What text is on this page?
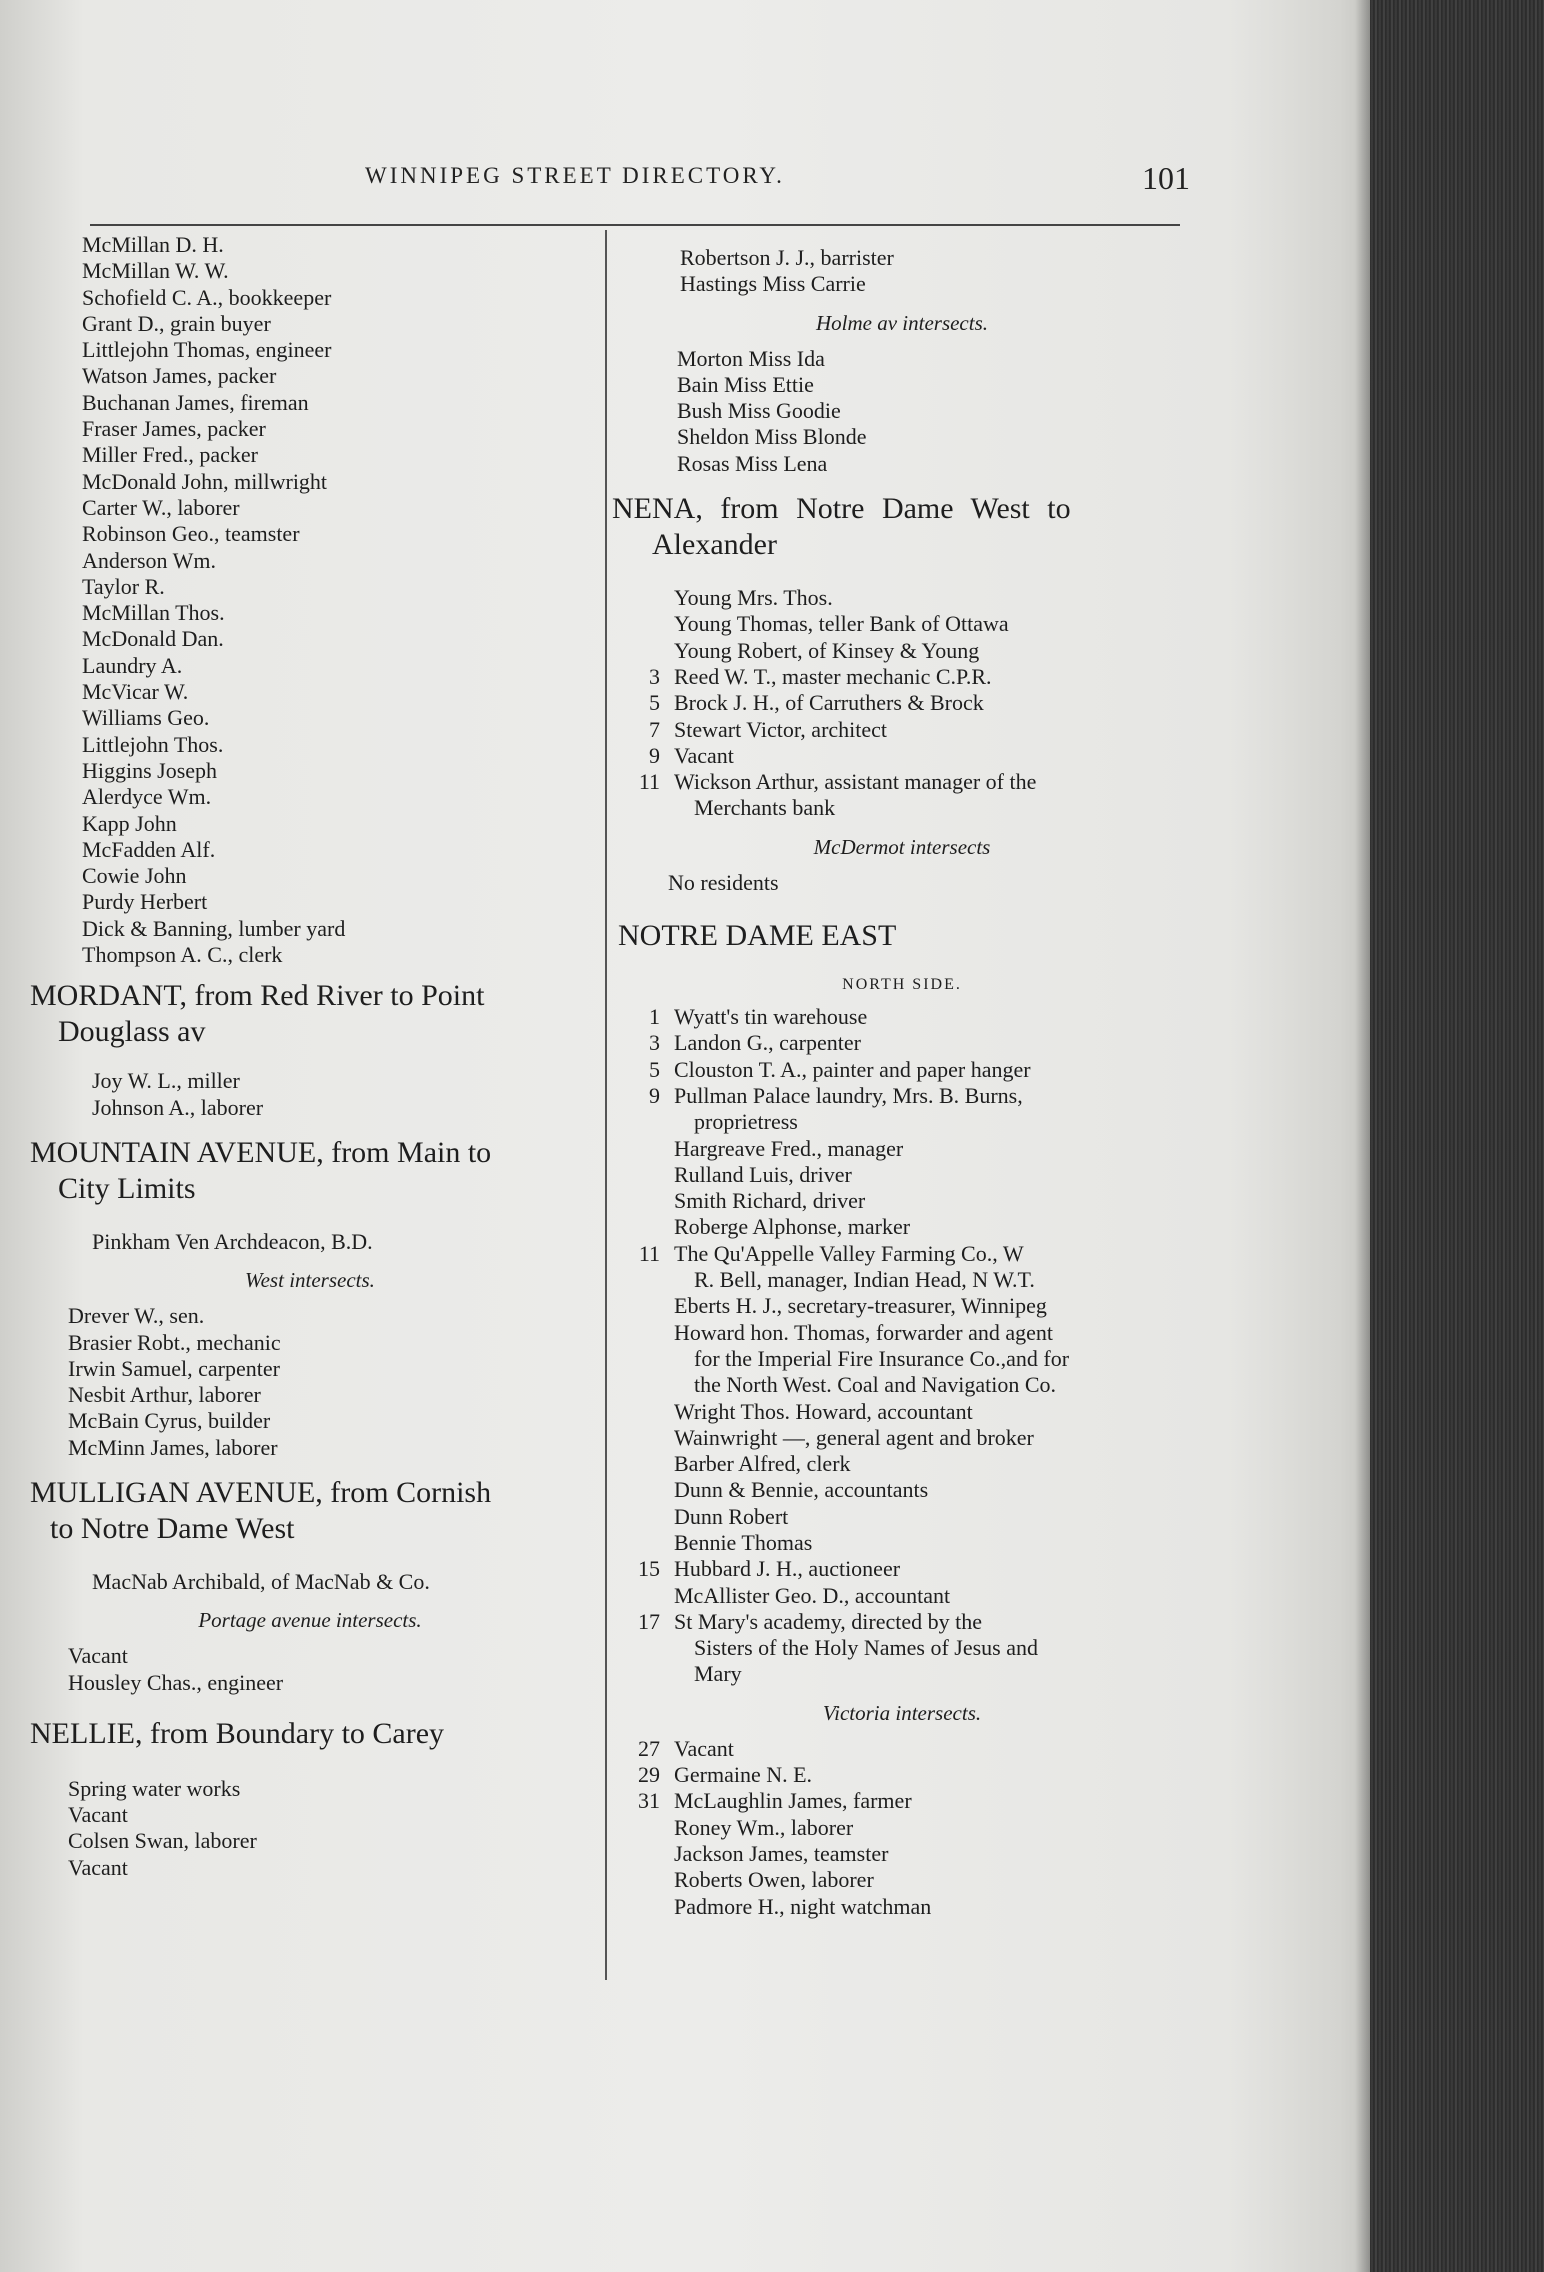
WINNIPEG STREET DIRECTORY.	101
McMillan D. H.
McMillan W. W.
Schofield C. A., bookkeeper
Grant D., grain buyer
Littlejohn Thomas, engineer
Watson James, packer
Buchanan James, fireman
Fraser James, packer
Miller Fred., packer
McDonald John, millwright
Carter W., laborer
Robinson Geo., teamster
Anderson Wm.
Taylor R.
McMillan Thos.
McDonald Dan.
Laundry A.
McVicar W.
Williams Geo.
Littlejohn Thos.
Higgins Joseph
Alerdyce Wm.
Kapp John
McFadden Alf.
Cowie John
Purdy Herbert
Dick & Banning, lumber yard
Thompson A. C., clerk
MORDANT, from Red River to Point
Douglass av
Joy W. L., miller
Johnson A., laborer
MOUNTAIN AVENUE, from Main to
City Limits
Pinkham Ven Archdeacon, B.D.
West intersects.
Drever W., sen.
Brasier Robt., mechanic
Irwin Samuel, carpenter
Nesbit Arthur, laborer
McBain Cyrus, builder
McMinn James, laborer
MULLIGAN AVENUE, from Cornish
to Notre Dame West
MacNab Archibald, of MacNab & Co.
Portage avenue intersects.
Vacant
Housley Chas., engineer
NELLIE, from Boundary to Carey
Spring water works
Vacant
Colsen Swan, laborer
Vacant
Robertson J. J., barrister
Hastings Miss Carrie
Holme av intersects.
Morton Miss Ida
Bain Miss Ettie
Bush Miss Goodie
Sheldon Miss Blonde
Rosas Miss Lena
NENA, from Notre Dame West to
Alexander
Young Mrs. Thos.
Young Thomas, teller Bank of Ottawa
Young Robert, of Kinsey & Young
3 Reed W. T., master mechanic C.P.R.
5 Brock J. H., of Carruthers & Brock
7 Stewart Victor, architect
9 Vacant
11 Wickson Arthur, assistant manager of the
Merchants bank
McDermot intersects
No residents
NOTRE DAME EAST
NORTH SIDE.
1 Wyatt's tin warehouse
3 Landon G., carpenter
5 Clouston T. A., painter and paper hanger
9 Pullman Palace laundry, Mrs. B. Burns,
proprietress
Hargreave Fred., manager
Rulland Luis, driver
Smith Richard, driver
Roberge Alphonse, marker
11 The Qu'Appelle Valley Farming Co., W
R. Bell, manager, Indian Head, N W.T.
Eberts H. J., secretary-treasurer, Winnipeg
Howard hon. Thomas, forwarder and agent
for the Imperial Fire Insurance Co.,and for
the North West. Coal and Navigation Co.
Wright Thos. Howard, accountant
Wainwright —, general agent and broker
Barber Alfred, clerk
Dunn & Bennie, accountants
Dunn Robert
Bennie Thomas
15 Hubbard J. H., auctioneer
McAllister Geo. D., accountant
17 St Mary's academy, directed by the
Sisters of the Holy Names of Jesus and
Mary
Victoria intersects.
27 Vacant
29 Germaine N. E.
31 McLaughlin James, farmer
Roney Wm., laborer
Jackson James, teamster
Roberts Owen, laborer
Padmore H., night watchman
